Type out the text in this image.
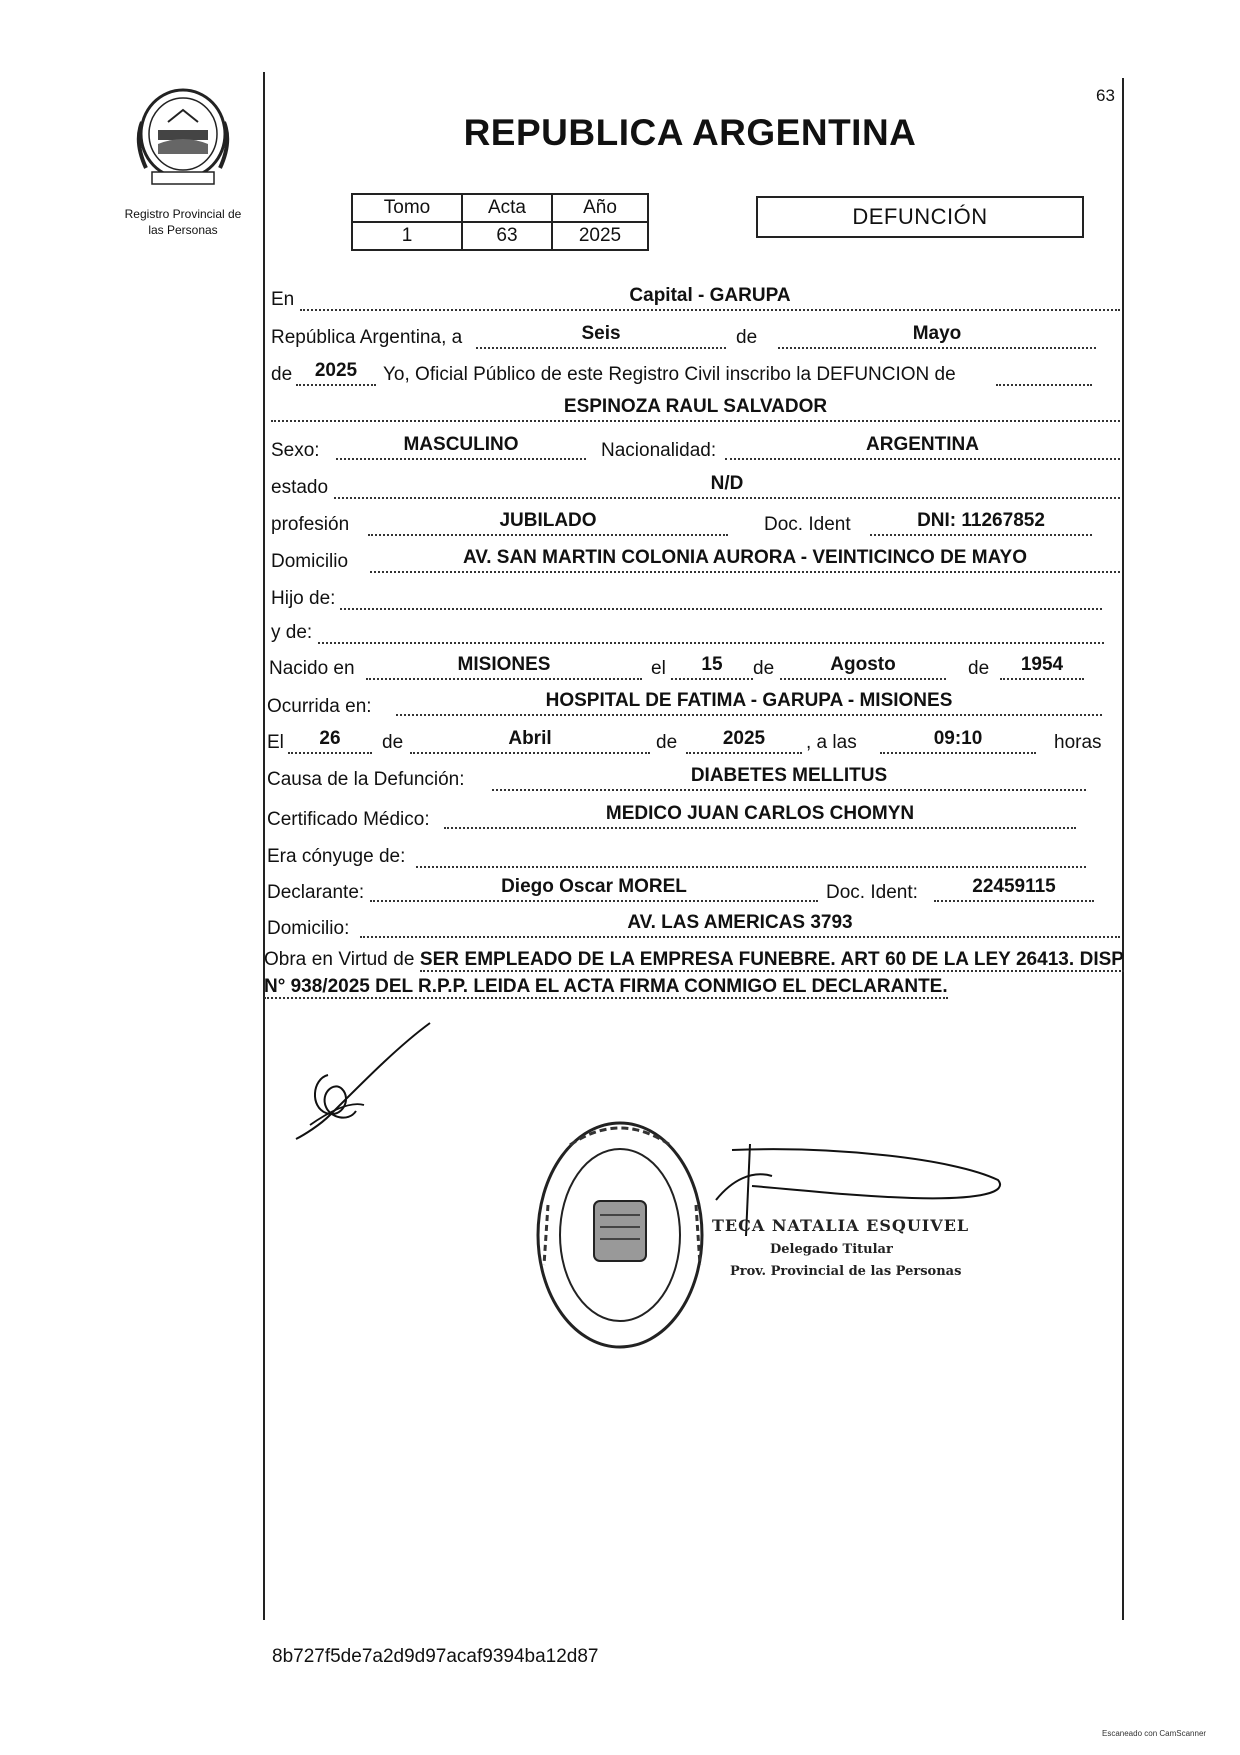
Registro Provincial de
las Personas
63
REPUBLICA ARGENTINA
Tomo	Acta	Año
1	63	2025
DEFUNCIÓN
En	Capital - GARUPA
República Argentina, a	Seis	de	Mayo
de	2025	Yo, Oficial Público de este Registro Civil inscribo la DEFUNCION de
ESPINOZA RAUL SALVADOR
Sexo:	MASCULINO	Nacionalidad:	ARGENTINA
estado	N/D
profesión	JUBILADO	Doc. Ident	DNI: 11267852
Domicilio	AV. SAN MARTIN COLONIA AURORA - VEINTICINCO DE MAYO
Hijo de:
y de:
Nacido en	MISIONES	el	15	de	Agosto	de	1954
Ocurrida en:	HOSPITAL DE FATIMA - GARUPA - MISIONES
El	26	de	Abril	de	2025	, a las	09:10	horas
Causa de la Defunción:	DIABETES MELLITUS
Certificado Médico:	MEDICO JUAN CARLOS CHOMYN
Era cónyuge de:
Declarante:	Diego Oscar MOREL	Doc. Ident:	22459115
Domicilio:	AV. LAS AMERICAS 3793
Obra en Virtud de SER EMPLEADO DE LA EMPRESA FUNEBRE. ART 60 DE LA LEY 26413. DISP N° 938/2025 DEL R.P.P. LEIDA EL ACTA FIRMA CONMIGO EL DECLARANTE.
TECA NATALIA ESQUIVEL
Delegado Titular
Prov. Provincial de las Personas
8b727f5de7a2d9d97acaf9394ba12d87
Escaneado con CamScanner
